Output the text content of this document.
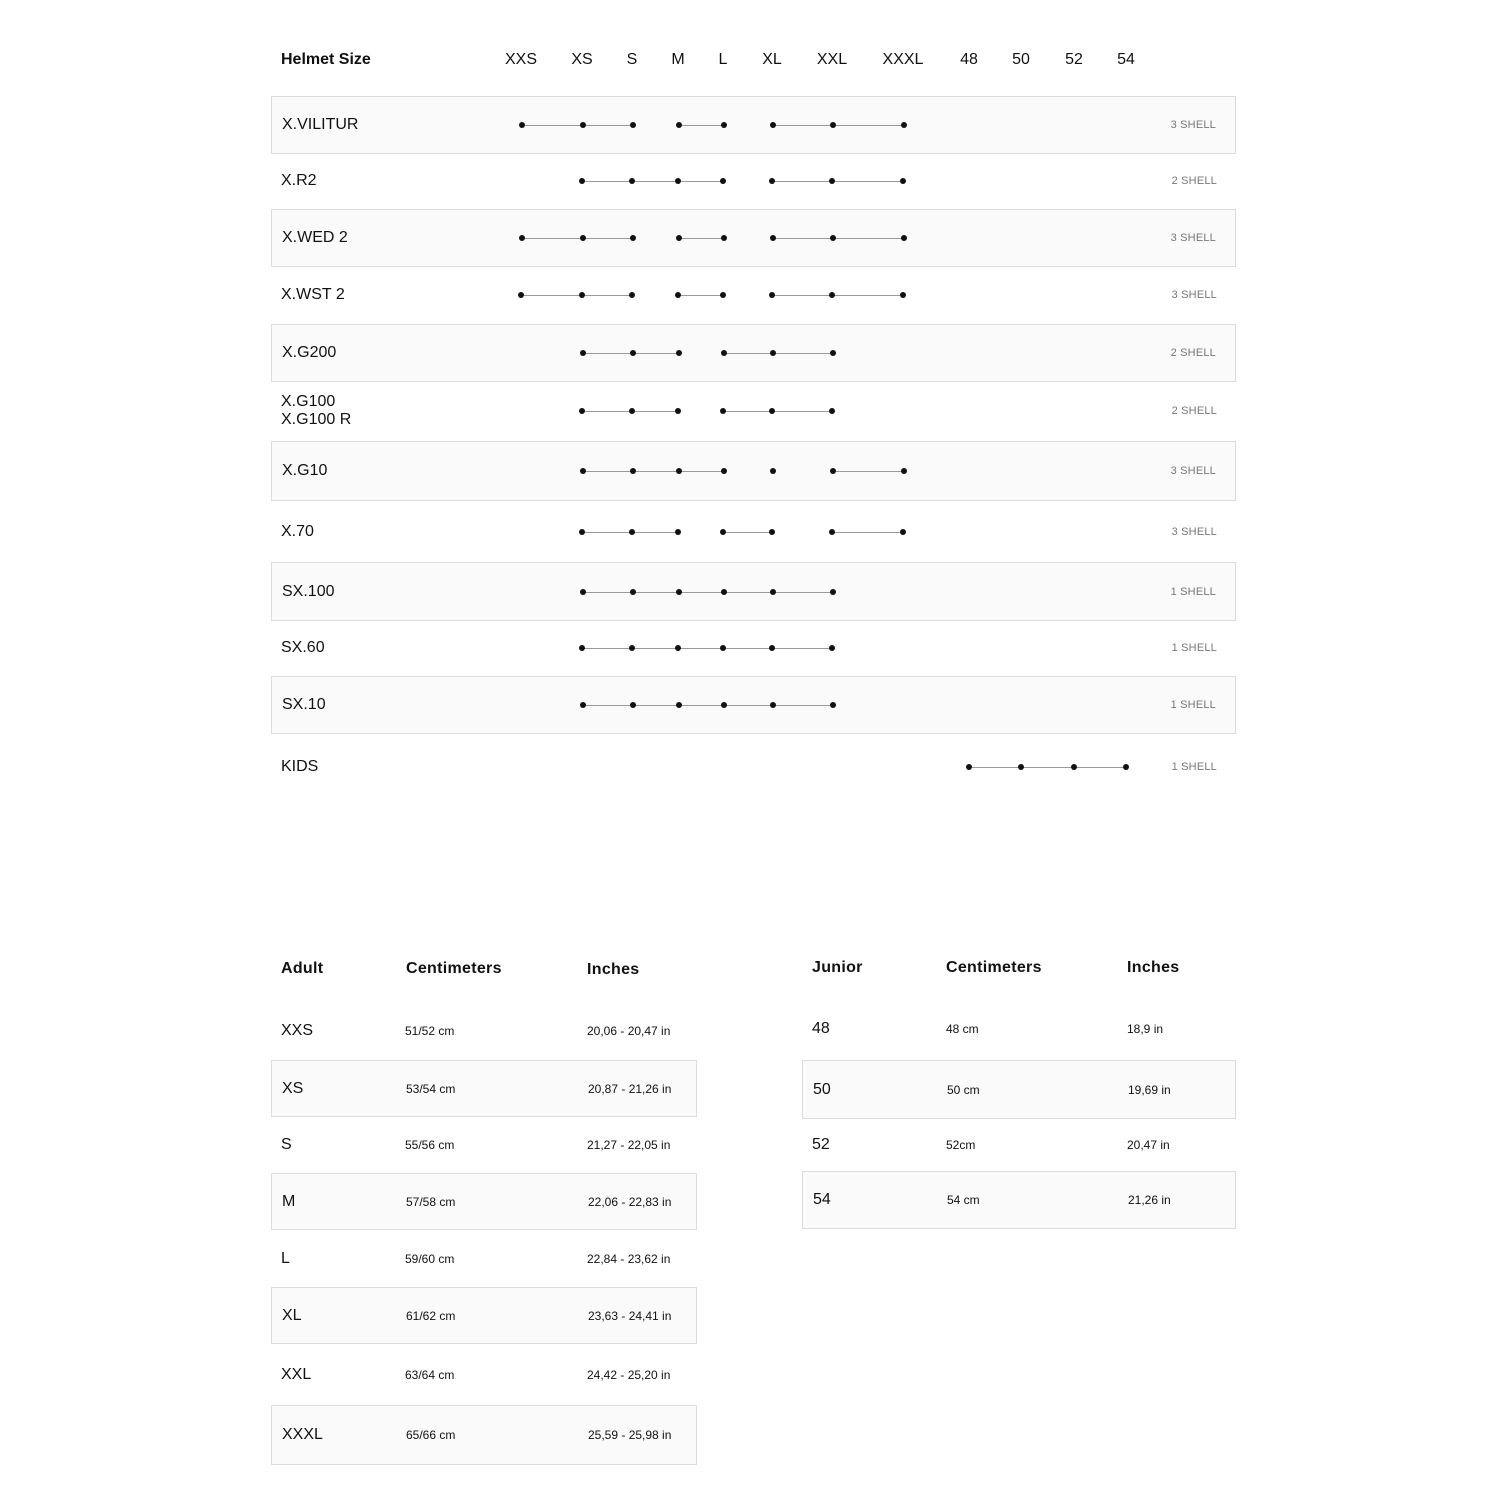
Helmet Size	XXS XS S M L XL XXL XXXL 48 50 52 54
X.VILITUR	3 SHELL
X.R2	2 SHELL
X.WED 2	3 SHELL
X.WST 2	3 SHELL
X.G200	2 SHELL
X.G100
X.G100 R	2 SHELL
X.G10	3 SHELL
X.70	3 SHELL
SX.100	1 SHELL
SX.60	1 SHELL
SX.10	1 SHELL
KIDS	1 SHELL
Adult	Centimeters	Inches
XXS	51/52 cm	20,06 - 20,47 in
XS	53/54 cm	20,87 - 21,26 in
S	55/56 cm	21,27 - 22,05 in
M	57/58 cm	22,06 - 22,83 in
L	59/60 cm	22,84 - 23,62 in
XL	61/62 cm	23,63 - 24,41 in
XXL	63/64 cm	24,42 - 25,20 in
XXXL	65/66 cm	25,59 - 25,98 in
Junior	Centimeters	Inches
48	48 cm	18,9 in
50	50 cm	19,69 in
52	52cm	20,47 in
54	54 cm	21,26 in
